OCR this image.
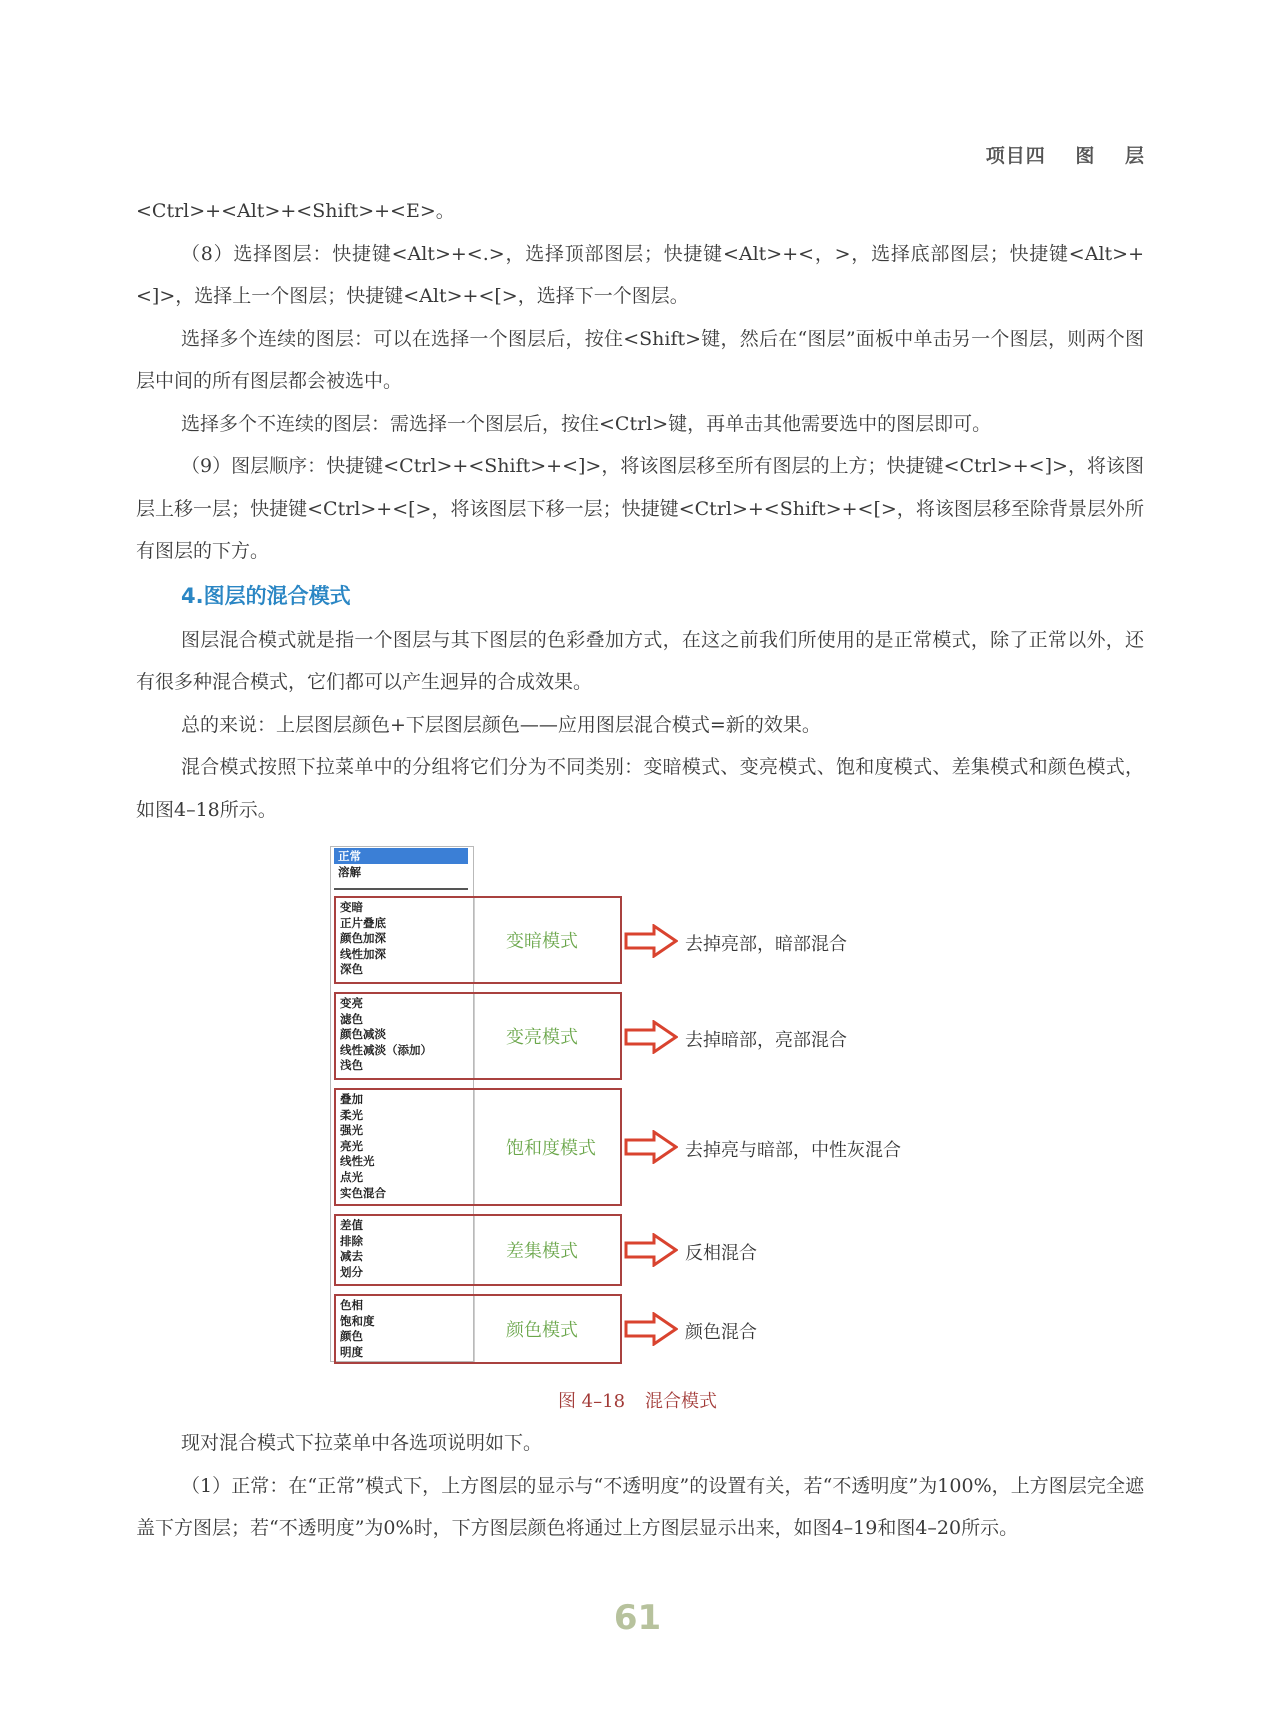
项目四 图 层

<Ctrl>+<Alt>+<Shift>+<E>。

（8）选择图层：快捷键<Alt>+<.>，选择顶部图层；快捷键<Alt>+<，>，选择底部图层；快捷键<Alt>+<]>，选择上一个图层；快捷键<Alt>+<[>，选择下一个图层。

选择多个连续的图层：可以在选择一个图层后，按住<Shift>键，然后在“图层”面板中单击另一个图层，则两个图层中间的所有图层都会被选中。

选择多个不连续的图层：需选择一个图层后，按住<Ctrl>键，再单击其他需要选中的图层即可。

（9）图层顺序：快捷键<Ctrl>+<Shift>+<]>，将该图层移至所有图层的上方；快捷键<Ctrl>+<]>，将该图层上移一层；快捷键<Ctrl>+<[>，将该图层下移一层；快捷键<Ctrl>+<Shift>+<[>，将该图层移至除背景层外所有图层的下方。

4.图层的混合模式

图层混合模式就是指一个图层与其下图层的色彩叠加方式，在这之前我们所使用的是正常模式，除了正常以外，还有很多种混合模式，它们都可以产生迥异的合成效果。

总的来说：上层图层颜色+下层图层颜色——应用图层混合模式=新的效果。

混合模式按照下拉菜单中的分组将它们分为不同类别：变暗模式、变亮模式、饱和度模式、差集模式和颜色模式，如图4–18所示。

正常
溶解
变暗
正片叠底
颜色加深
线性加深
深色
变暗模式	去掉亮部，暗部混合
变亮
滤色
颜色减淡
线性减淡（添加）
浅色
变亮模式	去掉暗部，亮部混合
叠加
柔光
强光
亮光
线性光
点光
实色混合
饱和度模式	去掉亮与暗部，中性灰混合
差值
排除
减去
划分
差集模式	反相混合
色相
饱和度
颜色
明度
颜色模式	颜色混合
图 4–18 混合模式

现对混合模式下拉菜单中各选项说明如下。

（1）正常：在“正常”模式下，上方图层的显示与“不透明度”的设置有关，若“不透明度”为100%，上方图层完全遮盖下方图层；若“不透明度”为0%时，下方图层颜色将通过上方图层显示出来，如图4–19和图4–20所示。

61
